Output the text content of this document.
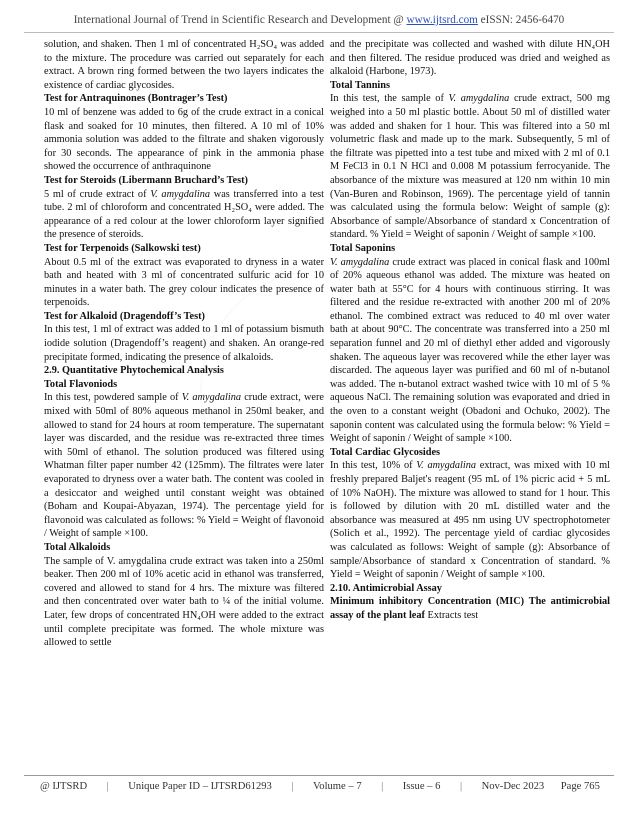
International Journal of Trend in Scientific Research and Development @ www.ijtsrd.com eISSN: 2456-6470

solution, and shaken. Then 1 ml of concentrated H₂SO₄ was added to the mixture. The procedure was carried out separately for each extract. A brown ring formed between the two layers indicates the existence of cardiac glycosides.

Test for Antraquinones (Bontrager’s Test)

10 ml of benzene was added to 6g of the crude extract in a conical flask and soaked for 10 minutes, then filtered. A 10 ml of 10% ammonia solution was added to the filtrate and shaken vigorously for 30 seconds. The appearance of pink in the ammonia phase showed the occurrence of anthraquinone

Test for Steroids (Libermann Bruchard’s Test)

5 ml of crude extract of V. amygdalina was transferred into a test tube. 2 ml of chloroform and concentrated H₂SO₄ were added. The appearance of a red colour at the lower chloroform layer signified the presence of steroids.

Test for Terpenoids (Salkowski test)

About 0.5 ml of the extract was evaporated to dryness in a water bath and heated with 3 ml of concentrated sulfuric acid for 10 minutes in a water bath. The grey colour indicates the presence of terpenoids.

Test for Alkaloid (Dragendoff’s Test)

In this test, 1 ml of extract was added to 1 ml of potassium bismuth iodide solution (Dragendoff’s reagent) and shaken. An orange-red precipitate formed, indicating the presence of alkaloids.

2.9. Quantitative Phytochemical Analysis

Total Flavoniods

In this test, powdered sample of V. amygdalina crude extract, were mixed with 50ml of 80% aqueous methanol in 250ml beaker, and allowed to stand for 24 hours at room temperature. The supernatant layer was discarded, and the residue was re-extracted three times with 50ml of ethanol. The solution produced was filtered using Whatman filter paper number 42 (125mm). The filtrates were later evaporated to dryness over a water bath. The content was cooled in a desiccator and weighed until constant weight was obtained (Boham and Koupai-Abyazan, 1974). The percentage yield for flavonoid was calculated as follows: % Yield = Weight of flavonoid / Weight of sample ×100.

Total Alkaloids

The sample of V. amygdalina crude extract was taken into a 250ml beaker. Then 200 ml of 10% acetic acid in ethanol was transferred, covered and allowed to stand for 4 hrs. The mixture was filtered and then concentrated over water bath to ¼ of the initial volume. Later, few drops of concentrated HN₄OH were added to the extract until complete precipitate was formed. The whole mixture was allowed to settle

and the precipitate was collected and washed with dilute HN₄OH and then filtered. The residue produced was dried and weighed as alkaloid (Harbone, 1973).

Total Tannins

In this test, the sample of V. amygdalina crude extract, 500 mg weighed into a 50 ml plastic bottle. About 50 ml of distilled water was added and shaken for 1 hour. This was filtered into a 50 ml volumetric flask and made up to the mark. Subsequently, 5 ml of the filtrate was pipetted into a test tube and mixed with 2 ml of 0.1 M FeCl3 in 0.1 N HCl and 0.008 M potassium ferrocyanide. The absorbance of the mixture was measured at 120 nm within 10 min (Van-Buren and Robinson, 1969). The percentage yield of tannin was calculated using the formula below: Weight of sample (g): Absorbance of sample/Absorbance of standard x Concentration of standard. % Yield = Weight of saponin / Weight of sample ×100.

Total Saponins

V. amygdalina crude extract was placed in conical flask and 100ml of 20% aqueous ethanol was added. The mixture was heated on water bath at 55°C for 4 hours with continuous stirring. It was filtered and the residue re-extracted with another 200 ml of 20% ethanol. The combined extract was reduced to 40 ml over water bath at about 90°C. The concentrate was transferred into a 250 ml separation funnel and 20 ml of diethyl ether added and vigorously shaken. The aqueous layer was recovered while the ether layer was discarded. The aqueous layer was purified and 60 ml of n-butanol was added. The n-butanol extract washed twice with 10 ml of 5 % aqueous NaCl. The remaining solution was evaporated and dried in the oven to a constant weight (Obadoni and Ochuko, 2002). The saponin content was calculated using the formula below: % Yield = Weight of saponin / Weight of sample ×100.

Total Cardiac Glycosides

In this test, 10% of V. amygdalina extract, was mixed with 10 ml freshly prepared Baljet's reagent (95 mL of 1% picric acid + 5 mL of 10% NaOH). The mixture was allowed to stand for 1 hour. This is followed by dilution with 20 mL distilled water and the absorbance was measured at 495 nm using UV spectrophotometer (Solich et al., 1992). The percentage yield of cardiac glycosides was calculated as follows: Weight of sample (g): Absorbance of sample/Absorbance of standard x Concentration of standard. % Yield = Weight of saponin / Weight of sample ×100.

2.10. Antimicrobial Assay

Minimum inhibitory Concentration (MIC) The antimicrobial assay of the plant leaf Extracts test

@ IJTSRD | Unique Paper ID – IJTSRD61293 | Volume – 7 | Issue – 6 | Nov-Dec 2023 Page 765
